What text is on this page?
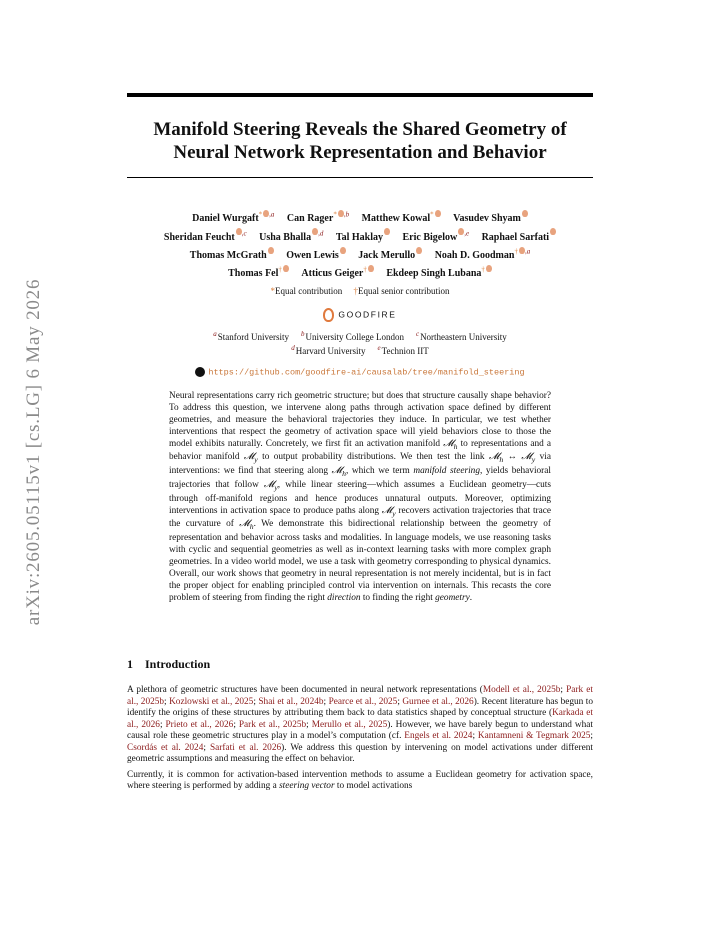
arXiv:2605.05115v1 [cs.LG] 6 May 2026
Manifold Steering Reveals the Shared Geometry of
Neural Network Representation and Behavior
Daniel Wurgaft* $^{,a}$ Can Rager* $^{,b}$ Matthew Kowal* Vasudev Shyam
Sheridan Feucht $^{,c}$ Usha Bhalla $^{,d}$ Tal Haklay Eric Bigelow $^{,e}$ Raphael Sarfati
Thomas McGrath Owen Lewis Jack Merullo Noah D. Goodman† $^{,a}$
Thomas Fel† Atticus Geiger† Ekdeep Singh Lubana†
*Equal contribution †Equal senior contribution
GOODFIRE
$^a$Stanford University $^b$University College London $^c$Northeastern University
$^d$Harvard University $^e$Technion IIT
https://github.com/goodfire-ai/causalab/tree/manifold_steering
Neural representations carry rich geometric structure; but does that structure causally shape behavior? To address this question, we intervene along paths through activation space defined by different geometries, and measure the behavioral trajectories they induce. In particular, we test whether interventions that respect the geometry of activation space will yield behaviors close to those the model exhibits naturally. Concretely, we first fit an activation manifold 𝓜$_h$ to representations and a behavior manifold 𝓜$_y$ to output probability distributions. We then test the link 𝓜$_h$ ↔ 𝓜$_y$ via interventions: we find that steering along 𝓜$_h$, which we term manifold steering, yields behavioral trajectories that follow 𝓜$_y$, while linear steering—which assumes a Euclidean geometry—cuts through off-manifold regions and hence produces unnatural outputs. Moreover, optimizing interventions in activation space to produce paths along 𝓜$_y$ recovers activation trajectories that trace the curvature of 𝓜$_h$. We demonstrate this bidirectional relationship between the geometry of representation and behavior across tasks and modalities. In language models, we use reasoning tasks with cyclic and sequential geometries as well as in-context learning tasks with more complex graph geometries. In a video world model, we use a task with geometry corresponding to physical dynamics. Overall, our work shows that geometry in neural representation is not merely incidental, but is in fact the proper object for enabling principled control via intervention on internals. This recasts the core problem of steering from finding the right direction to finding the right geometry.
1 Introduction

A plethora of geometric structures have been documented in neural network representations (Modell et al., 2025b; Park et al., 2025b; Kozlowski et al., 2025; Shai et al., 2024b; Pearce et al., 2025; Gurnee et al., 2026). Recent literature has begun to identify the origins of these structures by attributing them back to data statistics shaped by conceptual structure (Karkada et al., 2026; Prieto et al., 2026; Park et al., 2025b; Merullo et al., 2025). However, we have barely begun to understand what causal role these geometric structures play in a model’s computation (cf. Engels et al. 2024; Kantamneni & Tegmark 2025; Csordás et al. 2024; Sarfati et al. 2026). We address this question by intervening on model activations under different geometric assumptions and measuring the effect on behavior.

Currently, it is common for activation-based intervention methods to assume a Euclidean geometry for activation space, where steering is performed by adding a steering vector to model activations
